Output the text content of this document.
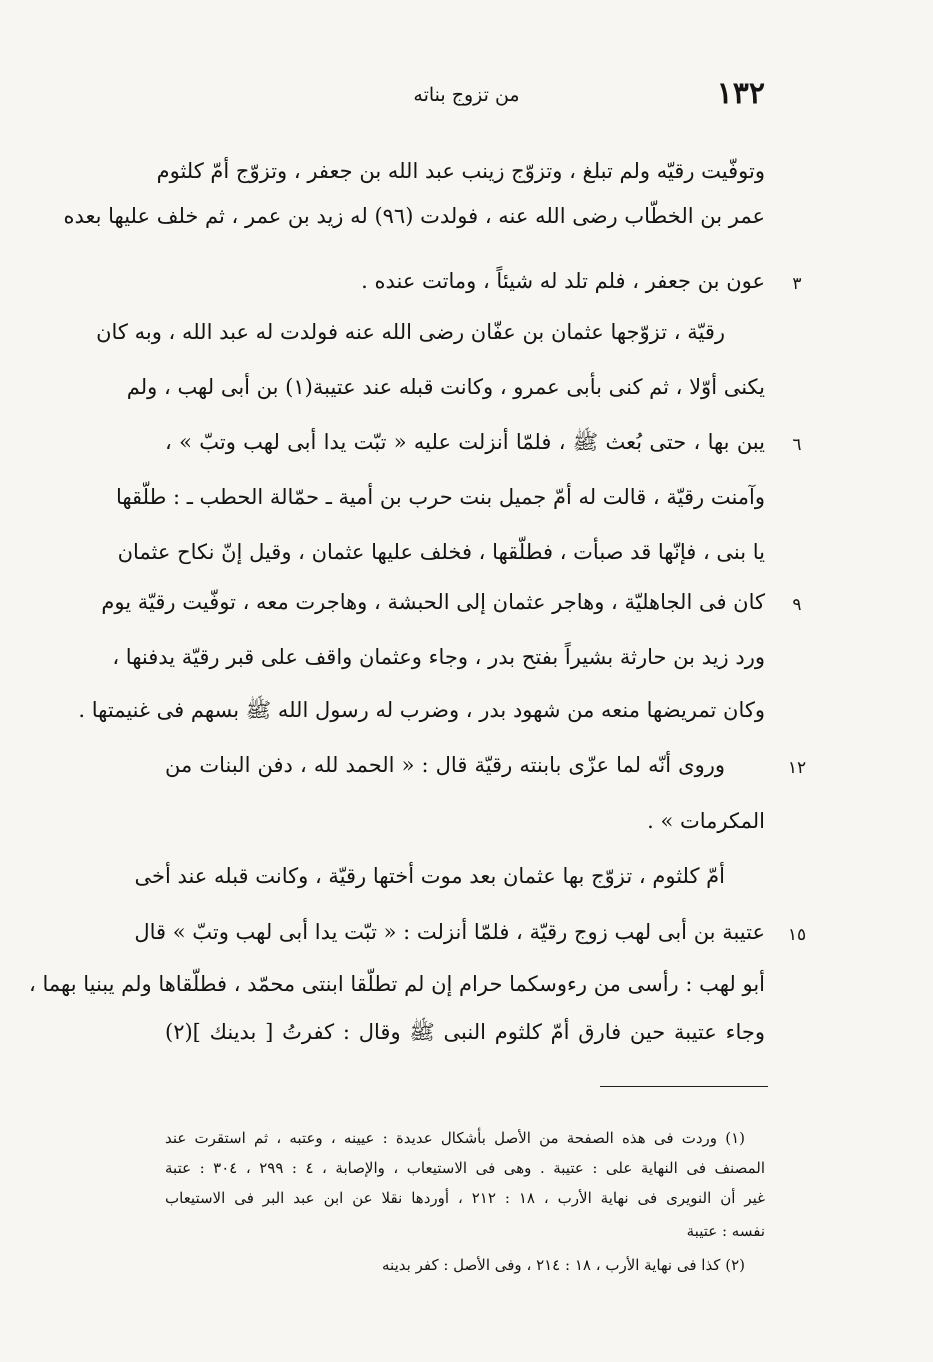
١٣٢
من تزوج بناته
وتوفّيت رقيّه ولم تبلغ ، وتزوّج زينب عبد الله بن جعفر ، وتزوّج أمّ كلثوم
عمر بن الخطّاب رضى الله عنه ، فولدت (٩٦) له زيد بن عمر ، ثم خلف عليها بعده
عون بن جعفر ، فلم تلد له شيئاً ، وماتت عنده .
رقيّة ، تزوّجها عثمان بن عفّان رضى الله عنه فولدت له عبد الله ، وبه كان
يكنى أوّلا ، ثم كنى بأبى عمرو ، وكانت قبله عند عتيبة(١) بن أبى لهب ، ولم
يبن بها ، حتى بُعث ﷺ ، فلمّا أنزلت عليه « تبّت يدا أبى لهب وتبّ » ،
وآمنت رقيّة ، قالت له أمّ جميل بنت حرب بن أمية ـ حمّالة الحطب ـ : طلّقها
يا بنى ، فإنّها قد صبأت ، فطلّقها ، فخلف عليها عثمان ، وقيل إنّ نكاح عثمان
كان فى الجاهليّة ، وهاجر عثمان إلى الحبشة ، وهاجرت معه ، توفّيت رقيّة يوم
ورد زيد بن حارثة بشيراً بفتح بدر ، وجاء وعثمان واقف على قبر رقيّة يدفنها ،
وكان تمريضها منعه من شهود بدر ، وضرب له رسول الله ﷺ بسهم فى غنيمتها .
وروى أنّه لما عزّى بابنته رقيّة قال : « الحمد لله ، دفن البنات من
المكرمات » .
أمّ كلثوم ، تزوّج بها عثمان بعد موت أختها رقيّة ، وكانت قبله عند أخى
عتيبة بن أبى لهب زوج رقيّة ، فلمّا أنزلت : « تبّت يدا أبى لهب وتبّ » قال
أبو لهب : رأسى من رءوسكما حرام إن لم تطلّقا ابنتى محمّد ، فطلّقاها ولم يبنيا بهما ،
وجاء عتيبة حين فارق أمّ كلثوم النبى ﷺ وقال : كفرتُ [ بدينك ](٢)
٣
٦
٩
١٢
١٥
(١) وردت فى هذه الصفحة من الأصل بأشكال عديدة : عيينه ، وعتبه ، ثم استقرت عند
المصنف فى النهاية على : عتيبة . وهى فى الاستيعاب ، والإصابة ، ٤ : ٢٩٩ ، ٣٠٤ : عتبة
غير أن النويرى فى نهاية الأرب ، ١٨ : ٢١٢ ، أوردها نقلا عن ابن عبد البر فى الاستيعاب
نفسه : عتيبة
(٢) كذا فى نهاية الأرب ، ١٨ : ٢١٤ ، وفى الأصل : كفر بدينه
